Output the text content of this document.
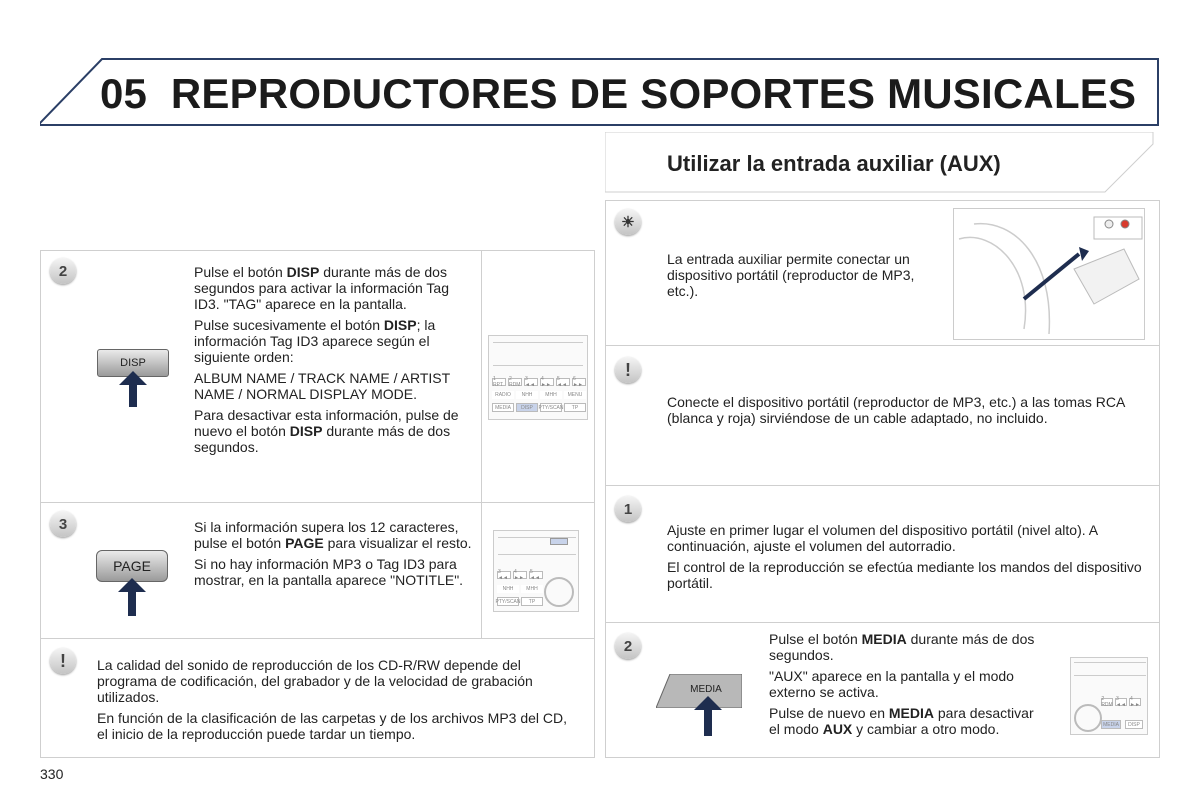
05 REPRODUCTORES DE SOPORTES MUSICALES
Utilizar la entrada auxiliar (AUX)
2
DISP

Pulse el botón DISP durante más de dos segundos para activar la información Tag ID3. "TAG" aparece en la pantalla.

Pulse sucesivamente el botón DISP; la información Tag ID3 aparece según el siguiente orden:

ALBUM NAME / TRACK NAME / ARTIST NAME / NORMAL DISPLAY MODE.

Para desactivar esta información, pulse de nuevo el botón DISP durante más de dos segundos.

1 RPT
2 RDM
3 ◄◄
4 ►►
5 ◄◄
6 ►►
RADIO	NHH	MHH	MENU
MEDIA	DISP	PTY/SCAN	TP
3
PAGE

Si la información supera los 12 caracteres, pulse el botón PAGE para visualizar el resto.

Si no hay información MP3 o Tag ID3 para mostrar, en la pantalla aparece "NOTITLE".	3 ◄◄
4 ►►
5 ◄◄
NHH	MHH
PTY/SCAN	TP
!	La calidad del sonido de reproducción de los CD-R/RW depende del programa de codificación, del grabador y de la velocidad de grabación utilizados.

En función de la clasificación de las carpetas y de los archivos MP3 del CD, el inicio de la reproducción puede tardar un tiempo.

☀
La entrada auxiliar permite conectar un dispositivo portátil (reproductor de MP3, etc.).
!
Conecte el dispositivo portátil (reproductor de MP3, etc.) a las tomas RCA (blanca y roja) sirviéndose de un cable adaptado, no incluido.
1

Ajuste en primer lugar el volumen del dispositivo portátil (nivel alto). A continuación, ajuste el volumen del autorradio.

El control de la reproducción se efectúa mediante los mandos del dispositivo portátil.

2
MEDIA

Pulse el botón MEDIA durante más de dos segundos.

"AUX" aparece en la pantalla y el modo externo se activa.

Pulse de nuevo en MEDIA para desactivar el modo AUX y cambiar a otro modo.

2 RDM
3 ◄◄
4 ►►
MEDIA	DISP
330
